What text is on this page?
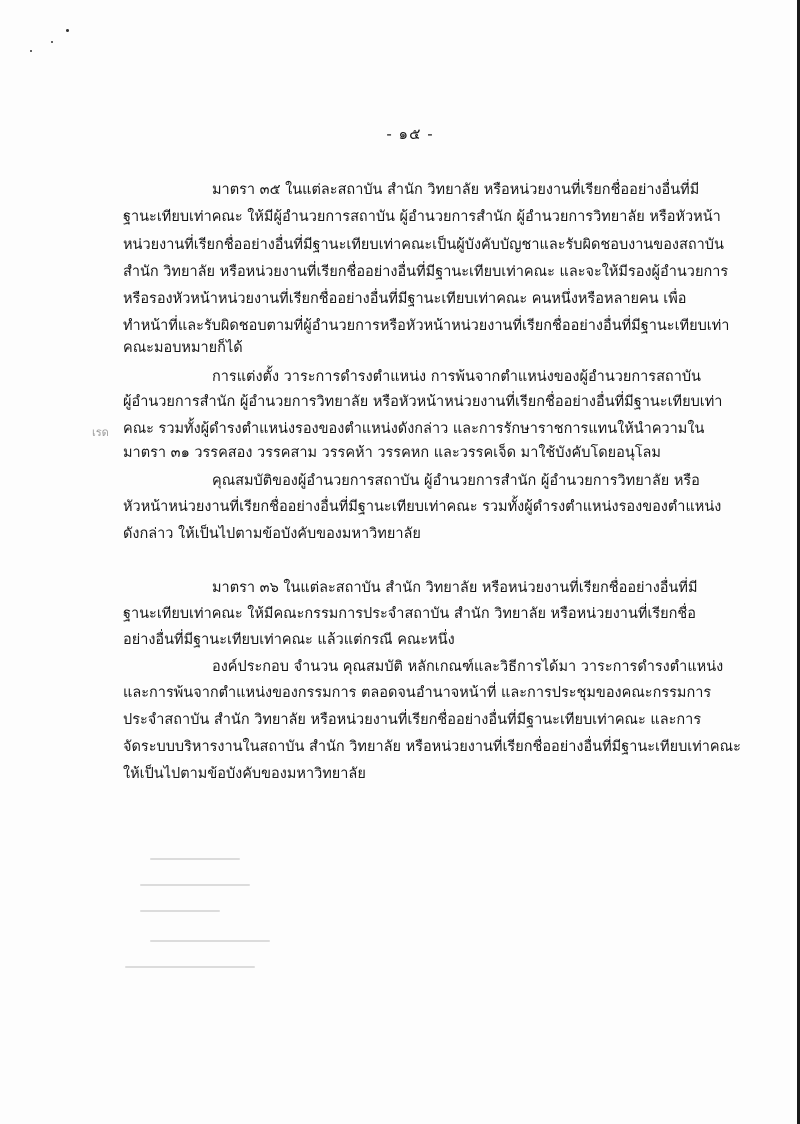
- ๑๕ -
มาตรา ๓๕ ในแต่ละสถาบัน สำนัก วิทยาลัย หรือหน่วยงานที่เรียกชื่ออย่างอื่นที่มี
ฐานะเทียบเท่าคณะ ให้มีผู้อำนวยการสถาบัน ผู้อำนวยการสำนัก ผู้อำนวยการวิทยาลัย หรือหัวหน้า
หน่วยงานที่เรียกชื่ออย่างอื่นที่มีฐานะเทียบเท่าคณะเป็นผู้บังคับบัญชาและรับผิดชอบงานของสถาบัน
สำนัก วิทยาลัย หรือหน่วยงานที่เรียกชื่ออย่างอื่นที่มีฐานะเทียบเท่าคณะ และจะให้มีรองผู้อำนวยการ
หรือรองหัวหน้าหน่วยงานที่เรียกชื่ออย่างอื่นที่มีฐานะเทียบเท่าคณะ คนหนึ่งหรือหลายคน เพื่อ
ทำหน้าที่และรับผิดชอบตามที่ผู้อำนวยการหรือหัวหน้าหน่วยงานที่เรียกชื่ออย่างอื่นที่มีฐานะเทียบเท่า
คณะมอบหมายก็ได้
การแต่งตั้ง วาระการดำรงตำแหน่ง การพ้นจากตำแหน่งของผู้อำนวยการสถาบัน
ผู้อำนวยการสำนัก ผู้อำนวยการวิทยาลัย หรือหัวหน้าหน่วยงานที่เรียกชื่ออย่างอื่นที่มีฐานะเทียบเท่า
เรด คณะ รวมทั้งผู้ดำรงตำแหน่งรองของตำแหน่งดังกล่าว และการรักษาราชการแทนให้นำความใน
มาตรา ๓๑ วรรคสอง วรรคสาม วรรคห้า วรรคหก และวรรคเจ็ด มาใช้บังคับโดยอนุโลม
คุณสมบัติของผู้อำนวยการสถาบัน ผู้อำนวยการสำนัก ผู้อำนวยการวิทยาลัย หรือ
หัวหน้าหน่วยงานที่เรียกชื่ออย่างอื่นที่มีฐานะเทียบเท่าคณะ รวมทั้งผู้ดำรงตำแหน่งรองของตำแหน่ง
ดังกล่าว ให้เป็นไปตามข้อบังคับของมหาวิทยาลัย
มาตรา ๓๖ ในแต่ละสถาบัน สำนัก วิทยาลัย หรือหน่วยงานที่เรียกชื่ออย่างอื่นที่มี
ฐานะเทียบเท่าคณะ ให้มีคณะกรรมการประจำสถาบัน สำนัก วิทยาลัย หรือหน่วยงานที่เรียกชื่อ
อย่างอื่นที่มีฐานะเทียบเท่าคณะ แล้วแต่กรณี คณะหนึ่ง
องค์ประกอบ จำนวน คุณสมบัติ หลักเกณฑ์และวิธีการได้มา วาระการดำรงตำแหน่ง
และการพ้นจากตำแหน่งของกรรมการ ตลอดจนอำนาจหน้าที่ และการประชุมของคณะกรรมการ
ประจำสถาบัน สำนัก วิทยาลัย หรือหน่วยงานที่เรียกชื่ออย่างอื่นที่มีฐานะเทียบเท่าคณะ และการ
จัดระบบบริหารงานในสถาบัน สำนัก วิทยาลัย หรือหน่วยงานที่เรียกชื่ออย่างอื่นที่มีฐานะเทียบเท่าคณะ
ให้เป็นไปตามข้อบังคับของมหาวิทยาลัย
